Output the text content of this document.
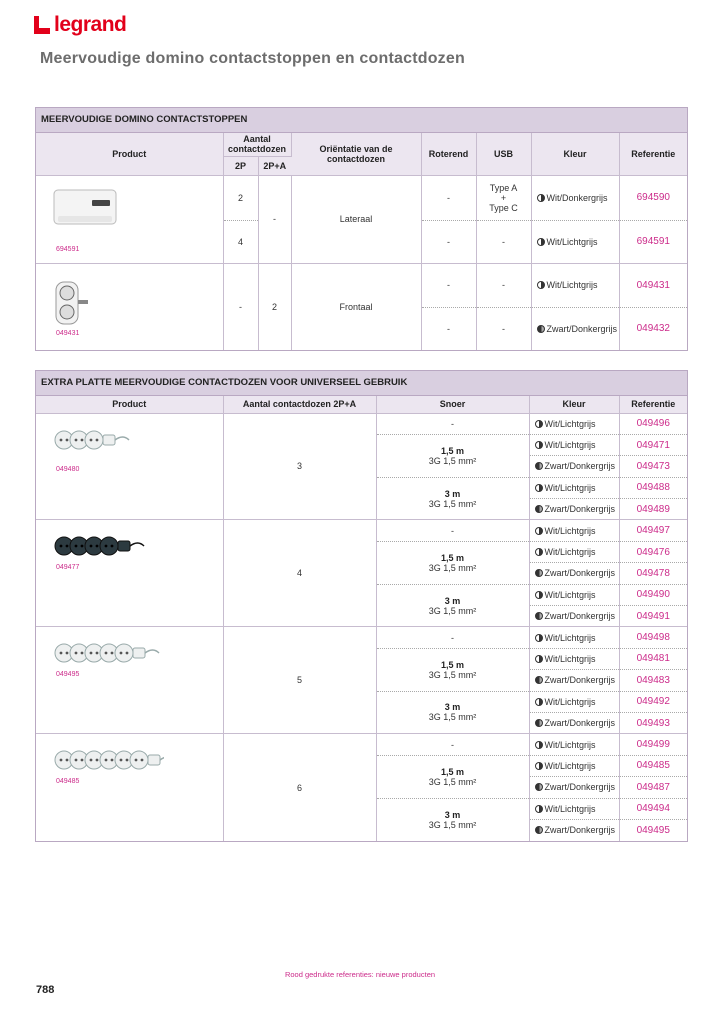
legrand
Meervoudige domino contactstoppen en contactdozen
MEERVOUDIGE DOMINO CONTACTSTOPPEN
Product	Aantal contactdozen		Oriëntatie van de contactdozen	Roterend	USB	Kleur	Referentie
	2P	2P+A					

694591	2	-	Lateraal	-	Type A
+
Type C	Wit/Donkergrijs	694590
	4			-	-	Wit/Lichtgrijs	694591

049431	-	2	Frontaal	-	-	Wit/Lichtgrijs	049431
				-	-	Zwart/Donkergrijs	049432
EXTRA PLATTE MEERVOUDIGE CONTACTDOZEN VOOR UNIVERSEEL GEBRUIK
Product	Aantal contactdozen 2P+A	Snoer	Kleur	Referentie

049480	3	-	Wit/Lichtgrijs	049496
		1,5 m
3G 1,5 mm²	Wit/Lichtgrijs	049471
			Zwart/Donkergrijs	049473
		3 m
3G 1,5 mm²	Wit/Lichtgrijs	049488
			Zwart/Donkergrijs	049489

049477	4	-	Wit/Lichtgrijs	049497
		1,5 m
3G 1,5 mm²	Wit/Lichtgrijs	049476
			Zwart/Donkergrijs	049478
		3 m
3G 1,5 mm²	Wit/Lichtgrijs	049490
			Zwart/Donkergrijs	049491

049495	5	-	Wit/Lichtgrijs	049498
		1,5 m
3G 1,5 mm²	Wit/Lichtgrijs	049481
			Zwart/Donkergrijs	049483
		3 m
3G 1,5 mm²	Wit/Lichtgrijs	049492
			Zwart/Donkergrijs	049493

049485	6	-	Wit/Lichtgrijs	049499
		1,5 m
3G 1,5 mm²	Wit/Lichtgrijs	049485
			Zwart/Donkergrijs	049487
		3 m
3G 1,5 mm²	Wit/Lichtgrijs	049494
			Zwart/Donkergrijs	049495
Rood gedrukte referenties: nieuwe producten
788
